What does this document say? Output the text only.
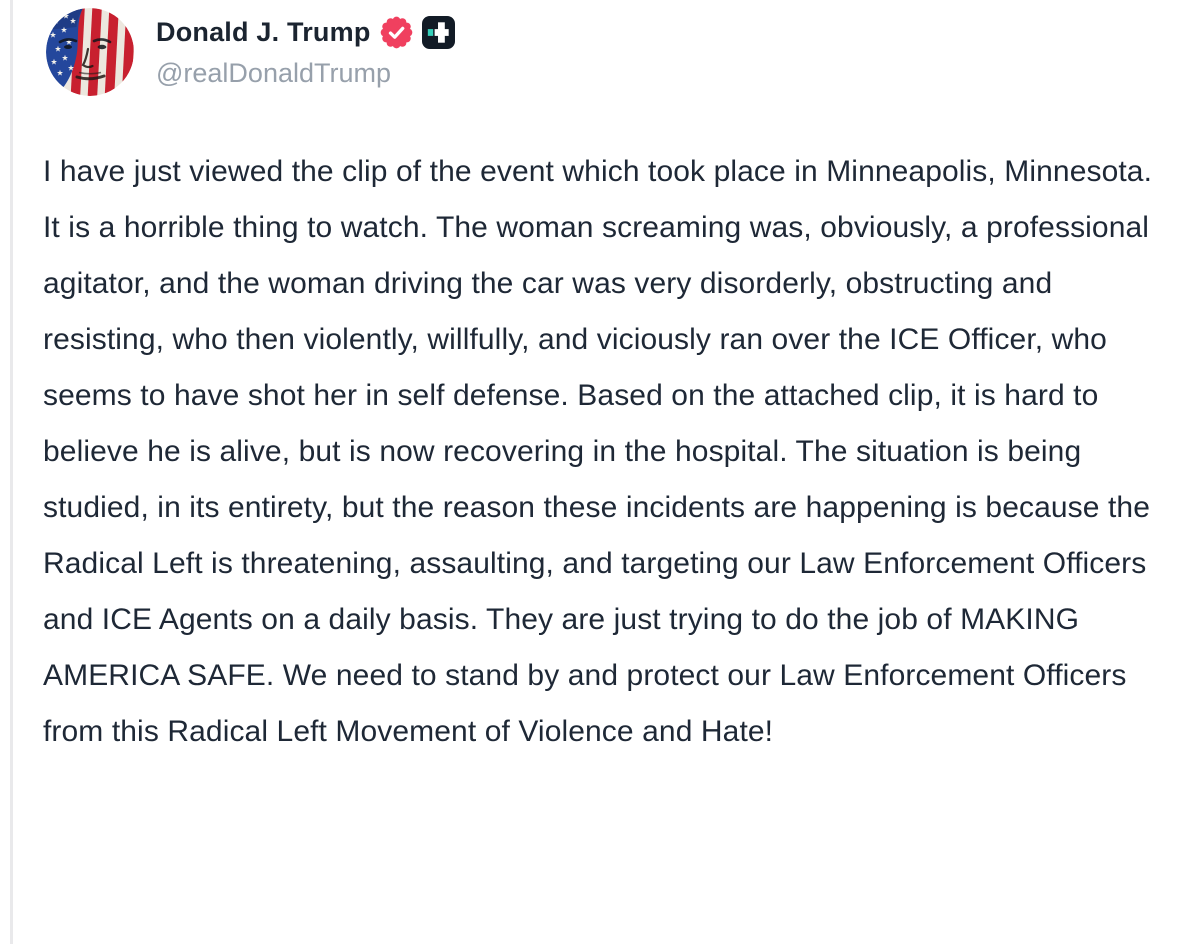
Donald J. Trump
@realDonaldTrump

I have just viewed the clip of the event which took place in Minneapolis, Minnesota. It is a horrible thing to watch. The woman screaming was, obviously, a professional agitator, and the woman driving the car was very disorderly, obstructing and resisting, who then violently, willfully, and viciously ran over the ICE Officer, who seems to have shot her in self defense. Based on the attached clip, it is hard to believe he is alive, but is now recovering in the hospital. The situation is being studied, in its entirety, but the reason these incidents are happening is because the Radical Left is threatening, assaulting, and targeting our Law Enforcement Officers and ICE Agents on a daily basis. They are just trying to do the job of MAKING AMERICA SAFE. We need to stand by and protect our Law Enforcement Officers from this Radical Left Movement of Violence and Hate!
